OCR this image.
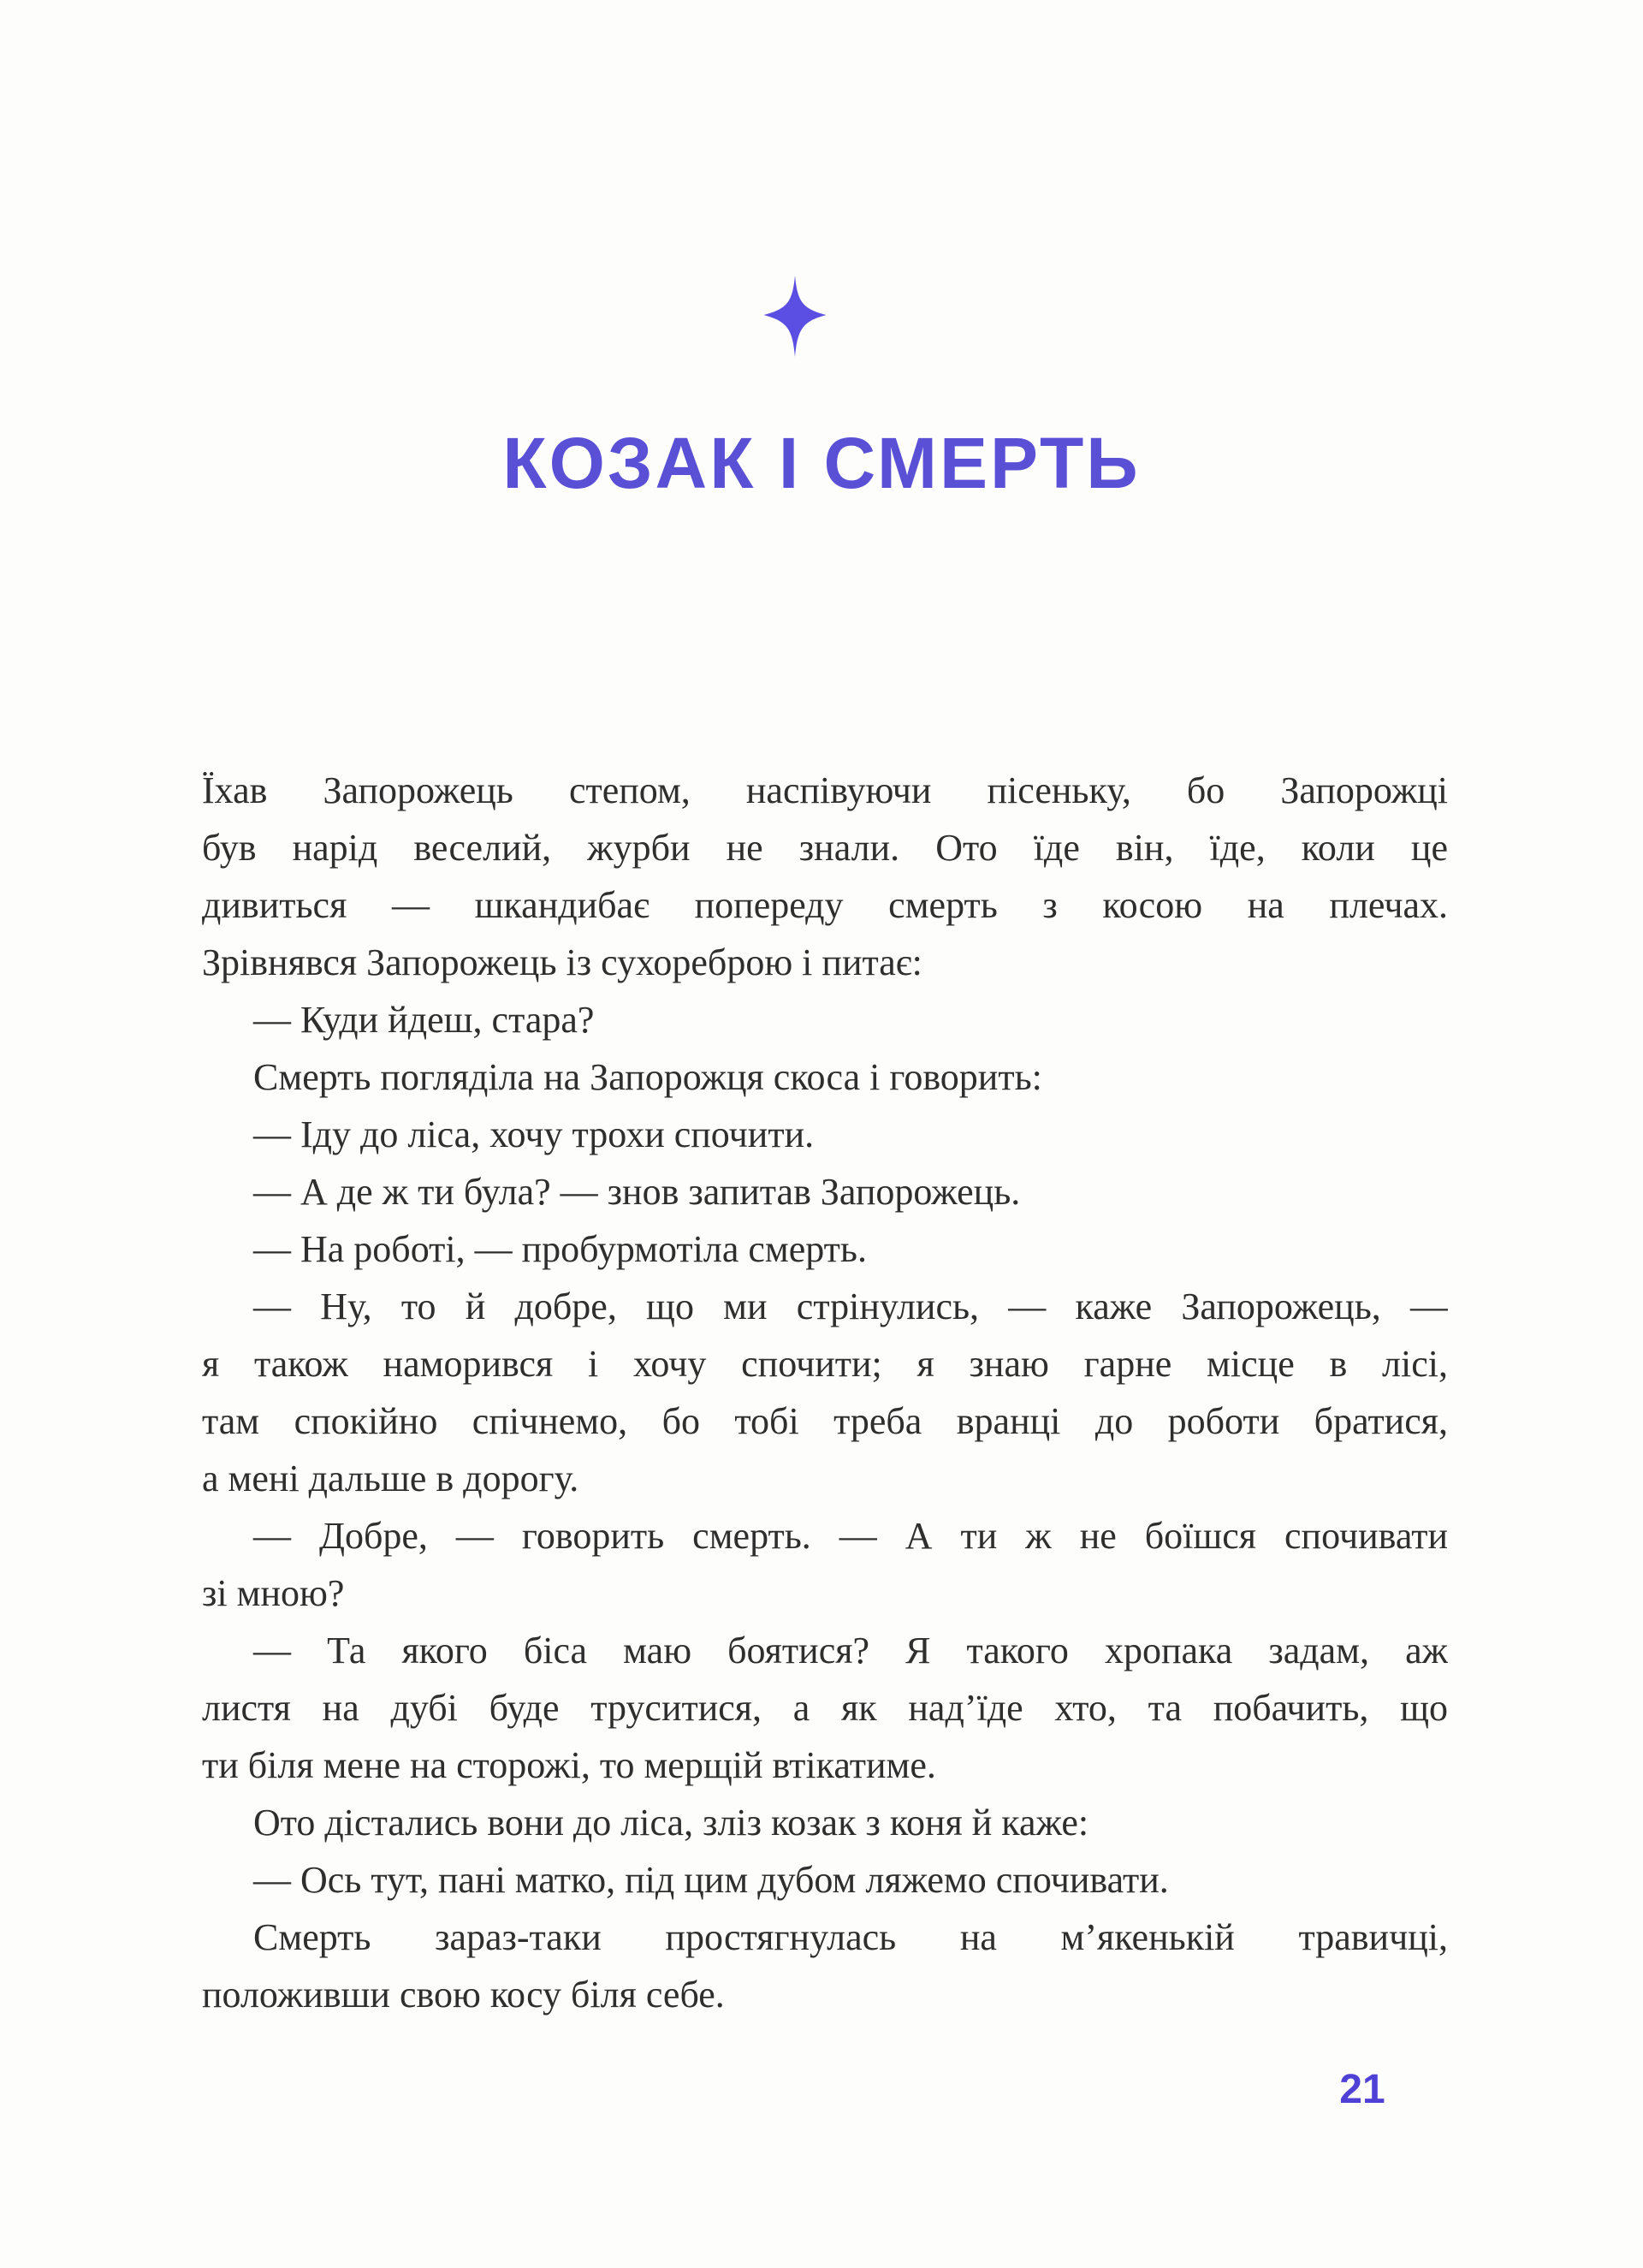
КОЗАК І СМЕРТЬ
Їхав Запорожець степом, наспівуючи пісеньку, бо Запорожці
був нарід веселий, журби не знали. Ото їде він, їде, коли це
дивиться — шкандибає попереду смерть з косою на плечах.
Зрівнявся Запорожець із сухореброю і питає:
— Куди йдеш, стара?
Смерть погляділа на Запорожця скоса і говорить:
— Іду до ліса, хочу трохи спочити.
— А де ж ти була? — знов запитав Запорожець.
— На роботі, — пробурмотіла смерть.
— Ну, то й добре, що ми стрінулись, — каже Запорожець, —
я також наморився і хочу спочити; я знаю гарне місце в лісі,
там спокійно спічнемо, бо тобі треба вранці до роботи братися,
а мені дальше в дорогу.
— Добре, — говорить смерть. — А ти ж не боїшся спочивати
зі мною?
— Та якого біса маю боятися? Я такого хропака задам, аж
листя на дубі буде труситися, а як над’їде хто, та побачить, що
ти біля мене на сторожі, то мерщій втікатиме.
Ото дістались вони до ліса, зліз козак з коня й каже:
— Ось тут, пані матко, під цим дубом ляжемо спочивати.
Смерть зараз-таки простягнулась на м’якенькій травичці,
положивши свою косу біля себе.
21
